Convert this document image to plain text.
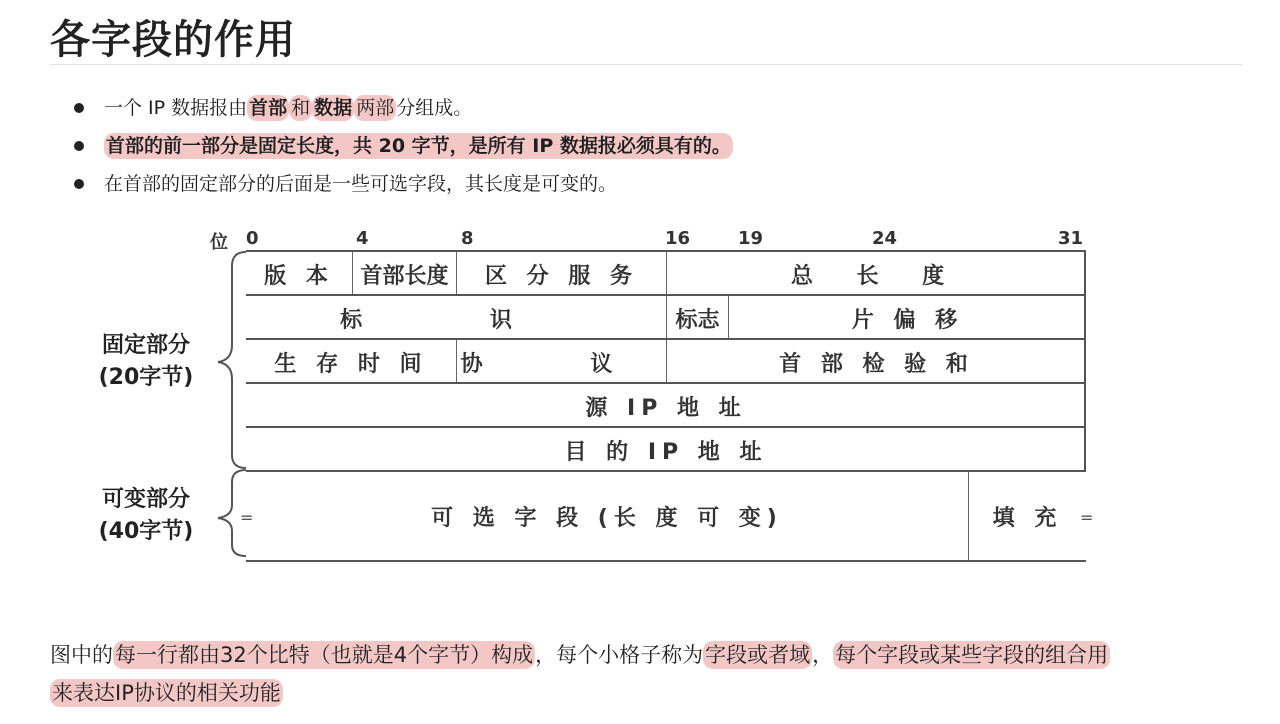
各字段的作用
一个 IP 数据报由 首部 和 数据 两部 分组成。
首部的前一部分是固定长度，共 20 字节，是所有 IP 数据报必须具有的。
在首部的固定部分的后面是一些可选字段，其长度是可变的。
位 0	4	8	16	19	24	31
版 本	首部长度	区 分 服 务	总 长 度
标 识	标志	片 偏 移
生 存 时 间	协 议	首 部 检 验 和
源 IP 地 址
目 的 IP 地 址
可 选 字 段 (长 度 可 变)	填 充
固定部分
(20字节)
可变部分
(40字节)
=	=
图中的每一行都由32个比特（也就是4个字节）构成，每个小格子称为字段或者域，每个字段或某些字段的组合用
来表达IP协议的相关功能
